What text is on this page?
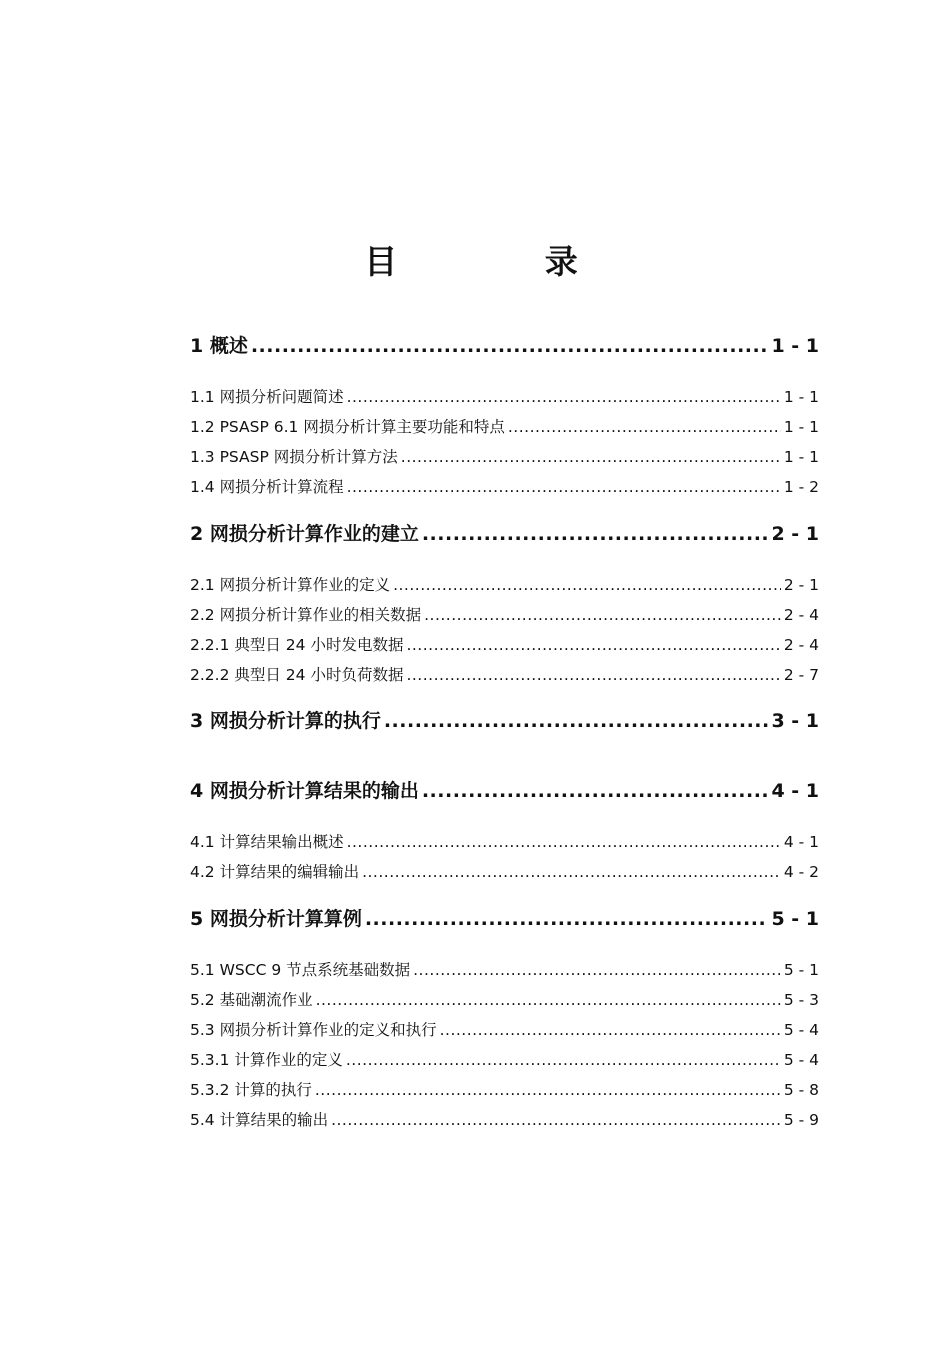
目 录
1 概述 .....	1 - 1
1.1 网损分析问题简述 .....	1 - 1
1.2 PSASP 6.1 网损分析计算主要功能和特点 .....	1 - 1
1.3 PSASP 网损分析计算方法 .....	1 - 1
1.4 网损分析计算流程 .....	1 - 2
2 网损分析计算作业的建立 .....	2 - 1
2.1 网损分析计算作业的定义 .....	2 - 1
2.2 网损分析计算作业的相关数据 .....	2 - 4
2.2.1 典型日 24 小时发电数据 .....	2 - 4
2.2.2 典型日 24 小时负荷数据 .....	2 - 7
3 网损分析计算的执行 .....	3 - 1
4 网损分析计算结果的输出 .....	4 - 1
4.1 计算结果输出概述 .....	4 - 1
4.2 计算结果的编辑输出 .....	4 - 2
5 网损分析计算算例 .....	5 - 1
5.1 WSCC 9 节点系统基础数据 .....	5 - 1
5.2 基础潮流作业 .....	5 - 3
5.3 网损分析计算作业的定义和执行 .....	5 - 4
5.3.1 计算作业的定义 .....	5 - 4
5.3.2 计算的执行 .....	5 - 8
5.4 计算结果的输出 .....	5 - 9
